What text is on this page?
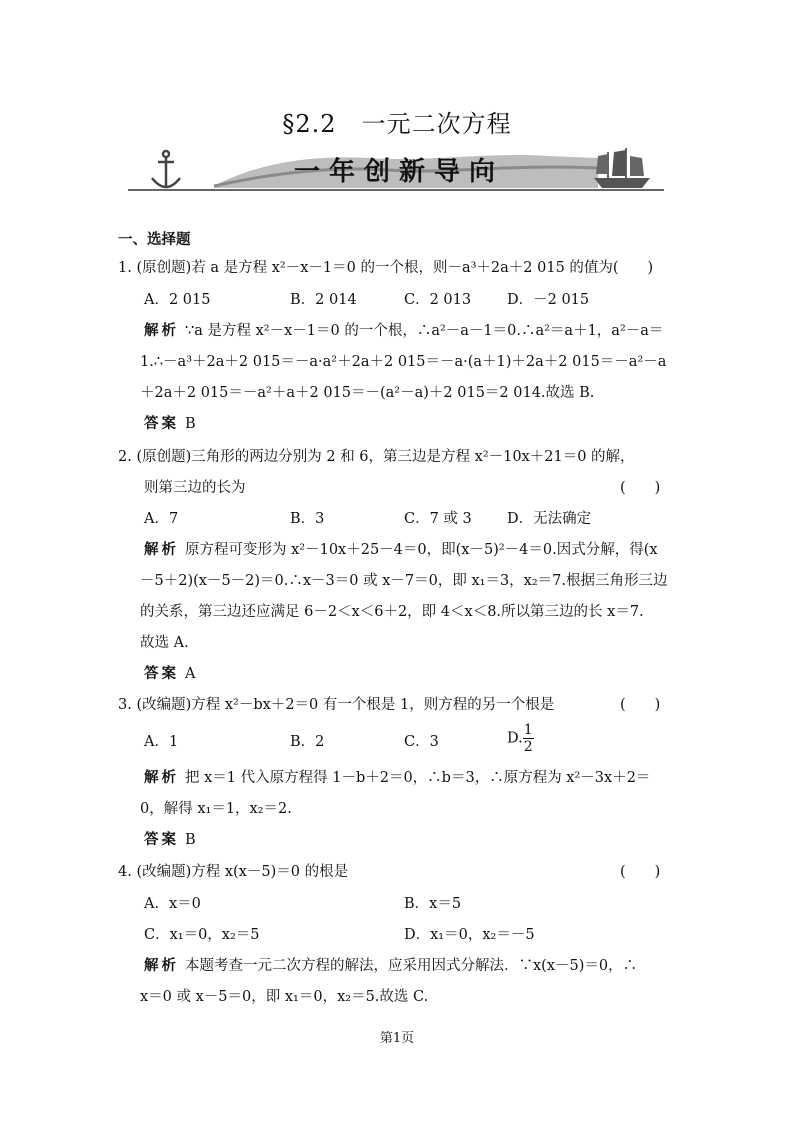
§2.2　一元二次方程
一年创新导向
一、选择题
1. (原创题)若 a 是方程 x²－x－1＝0 的一个根，则－a³＋2a＋2 015 的值为(　　)
A．2 015	B．2 014	C．2 013 D．－2 015
解析 ∵a 是方程 x²－x－1＝0 的一个根，∴a²－a－1＝0.∴a²＝a＋1，a²－a＝
1.∴－a³＋2a＋2 015＝－a·a²＋2a＋2 015＝－a·(a＋1)＋2a＋2 015＝－a²－a
＋2a＋2 015＝－a²＋a＋2 015＝－(a²－a)＋2 015＝2 014.故选 B.
答案 B
2. (原创题)三角形的两边分别为 2 和 6，第三边是方程 x²－10x＋21＝0 的解，
则第三边的长为	(　　)
A．7	B．3	C．7 或 3 D．无法确定
解析 原方程可变形为 x²－10x＋25－4＝0，即(x－5)²－4＝0.因式分解，得(x
－5＋2)(x－5－2)＝0.∴x－3＝0 或 x－7＝0，即 x₁＝3，x₂＝7.根据三角形三边
的关系，第三边还应满足 6－2＜x＜6＋2，即 4＜x＜8.所以第三边的长 x＝7.
故选 A.
答案 A
3. (改编题)方程 x²－bx＋2＝0 有一个根是 1，则方程的另一个根是	(　　)
A．1	B．2	C．3	D. $\frac{1}{2}$
解析 把 x＝1 代入原方程得 1－b＋2＝0，∴b＝3，∴原方程为 x²－3x＋2＝
0，解得 x₁＝1，x₂＝2.
答案 B
4. (改编题)方程 x(x－5)＝0 的根是	(　　)
A．x＝0	B．x＝5
C．x₁＝0，x₂＝5	D．x₁＝0，x₂＝－5
解析 本题考查一元二次方程的解法，应采用因式分解法．∵x(x－5)＝0，∴
x＝0 或 x－5＝0，即 x₁＝0，x₂＝5.故选 C.
第1页
